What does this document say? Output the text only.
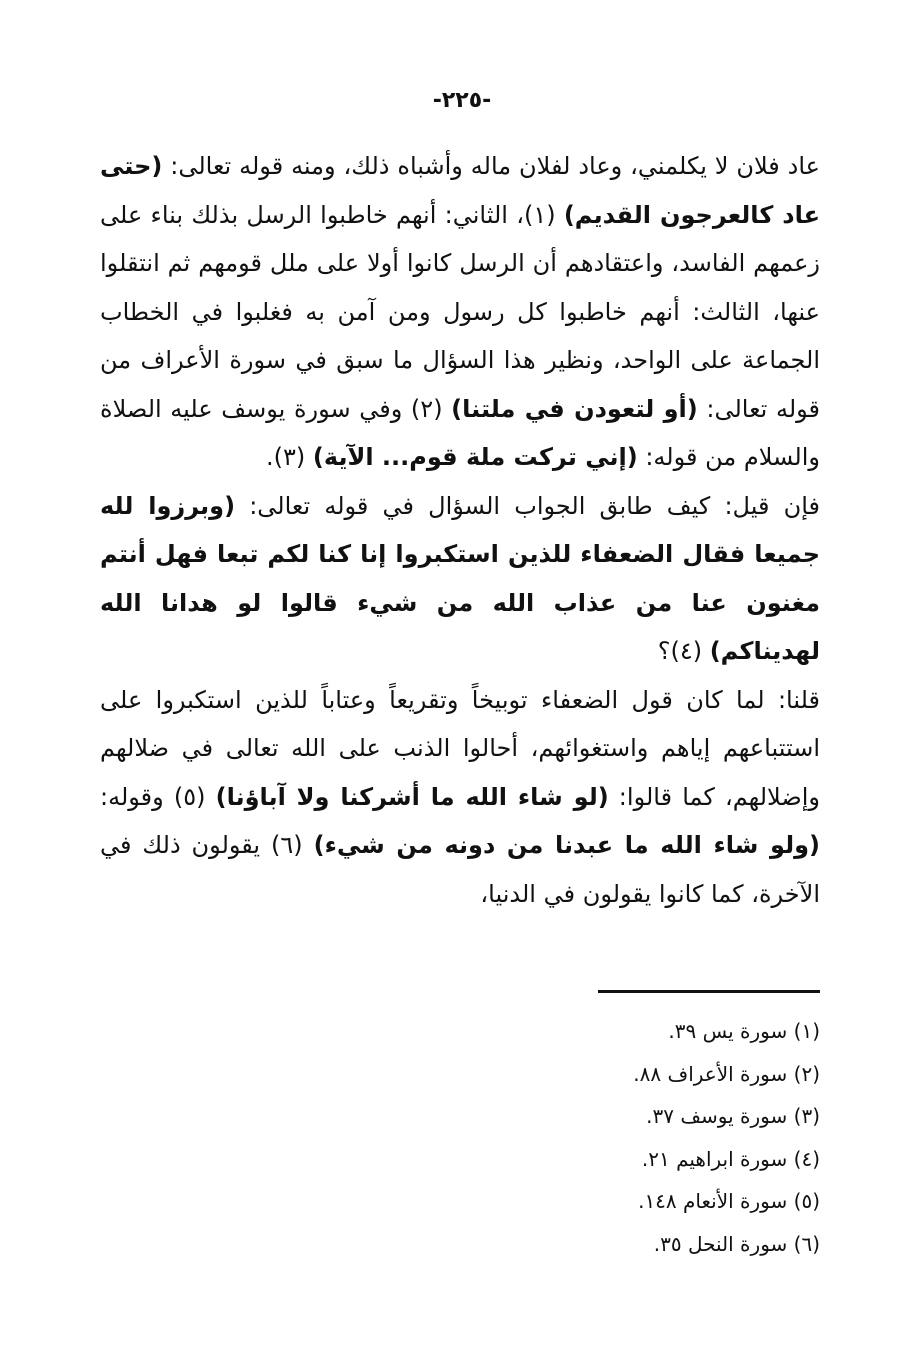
-٢٢٥-

عاد فلان لا يكلمني، وعاد لفلان ماله وأشباه ذلك، ومنه قوله تعالى: (حتى عاد كالعرجون القديم) (١)، الثاني: أنهم خاطبوا الرسل بذلك بناء على زعمهم الفاسد، واعتقادهم أن الرسل كانوا أولا على ملل قومهم ثم انتقلوا عنها، الثالث: أنهم خاطبوا كل رسول ومن آمن به فغلبوا في الخطاب الجماعة على الواحد، ونظير هذا السؤال ما سبق في سورة الأعراف من قوله تعالى: (أو لتعودن في ملتنا) (٢) وفي سورة يوسف عليه الصلاة والسلام من قوله: (إني تركت ملة قوم... الآية) (٣).

فإن قيل: كيف طابق الجواب السؤال في قوله تعالى: (وبرزوا لله جميعا فقال الضعفاء للذين استكبروا إنا كنا لكم تبعا فهل أنتم مغنون عنا من عذاب الله من شيء قالوا لو هدانا الله لهديناكم) (٤)؟

قلنا: لما كان قول الضعفاء توبيخاً وتقريعاً وعتاباً للذين استكبروا على استتباعهم إياهم واستغوائهم، أحالوا الذنب على الله تعالى في ضلالهم وإضلالهم، كما قالوا: (لو شاء الله ما أشركنا ولا آباؤنا) (٥) وقوله: (ولو شاء الله ما عبدنا من دونه من شيء) (٦) يقولون ذلك في الآخرة، كما كانوا يقولون في الدنيا،

(١) سورة يس ٣٩.
(٢) سورة الأعراف ٨٨.
(٣) سورة يوسف ٣٧.
(٤) سورة ابراهيم ٢١.
(٥) سورة الأنعام ١٤٨.
(٦) سورة النحل ٣٥.
